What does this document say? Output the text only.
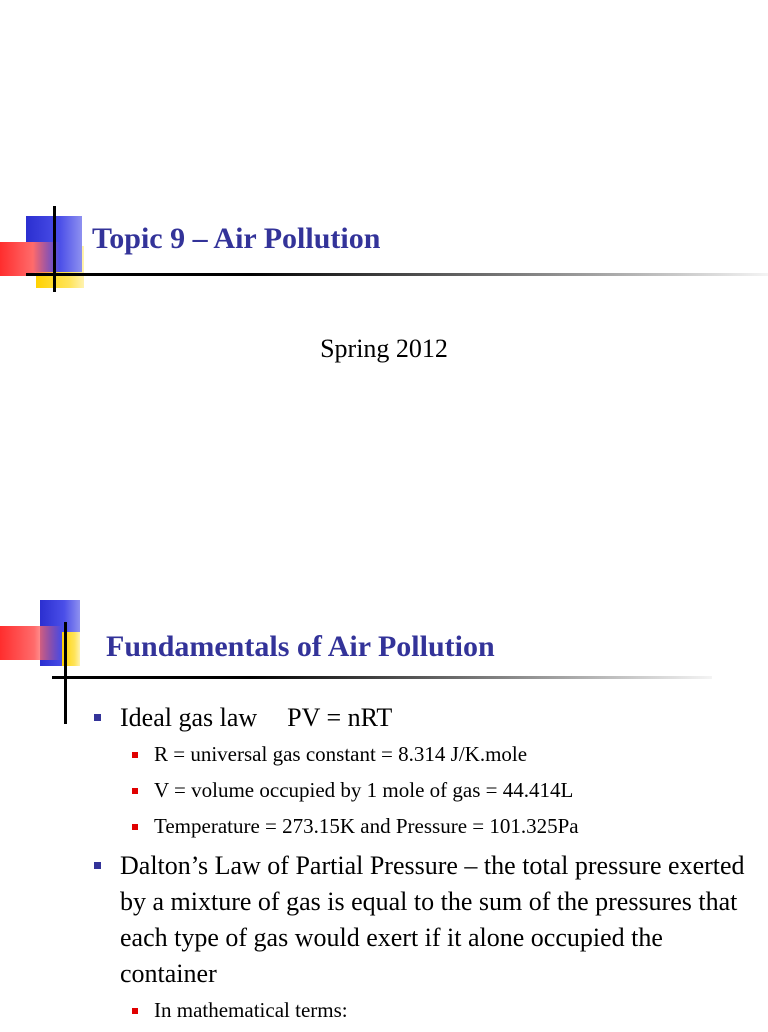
Topic 9 – Air Pollution
Spring 2012
Fundamentals of Air Pollution
Ideal gas law PV = nRT
R = universal gas constant = 8.314 J/K.mole
V = volume occupied by 1 mole of gas = 44.414L
Temperature = 273.15K and Pressure = 101.325Pa
Dalton’s Law of Partial Pressure – the total pressure exerted by a mixture of gas is equal to the sum of the pressures that each type of gas would exert if it alone occupied the container
In mathematical terms:
